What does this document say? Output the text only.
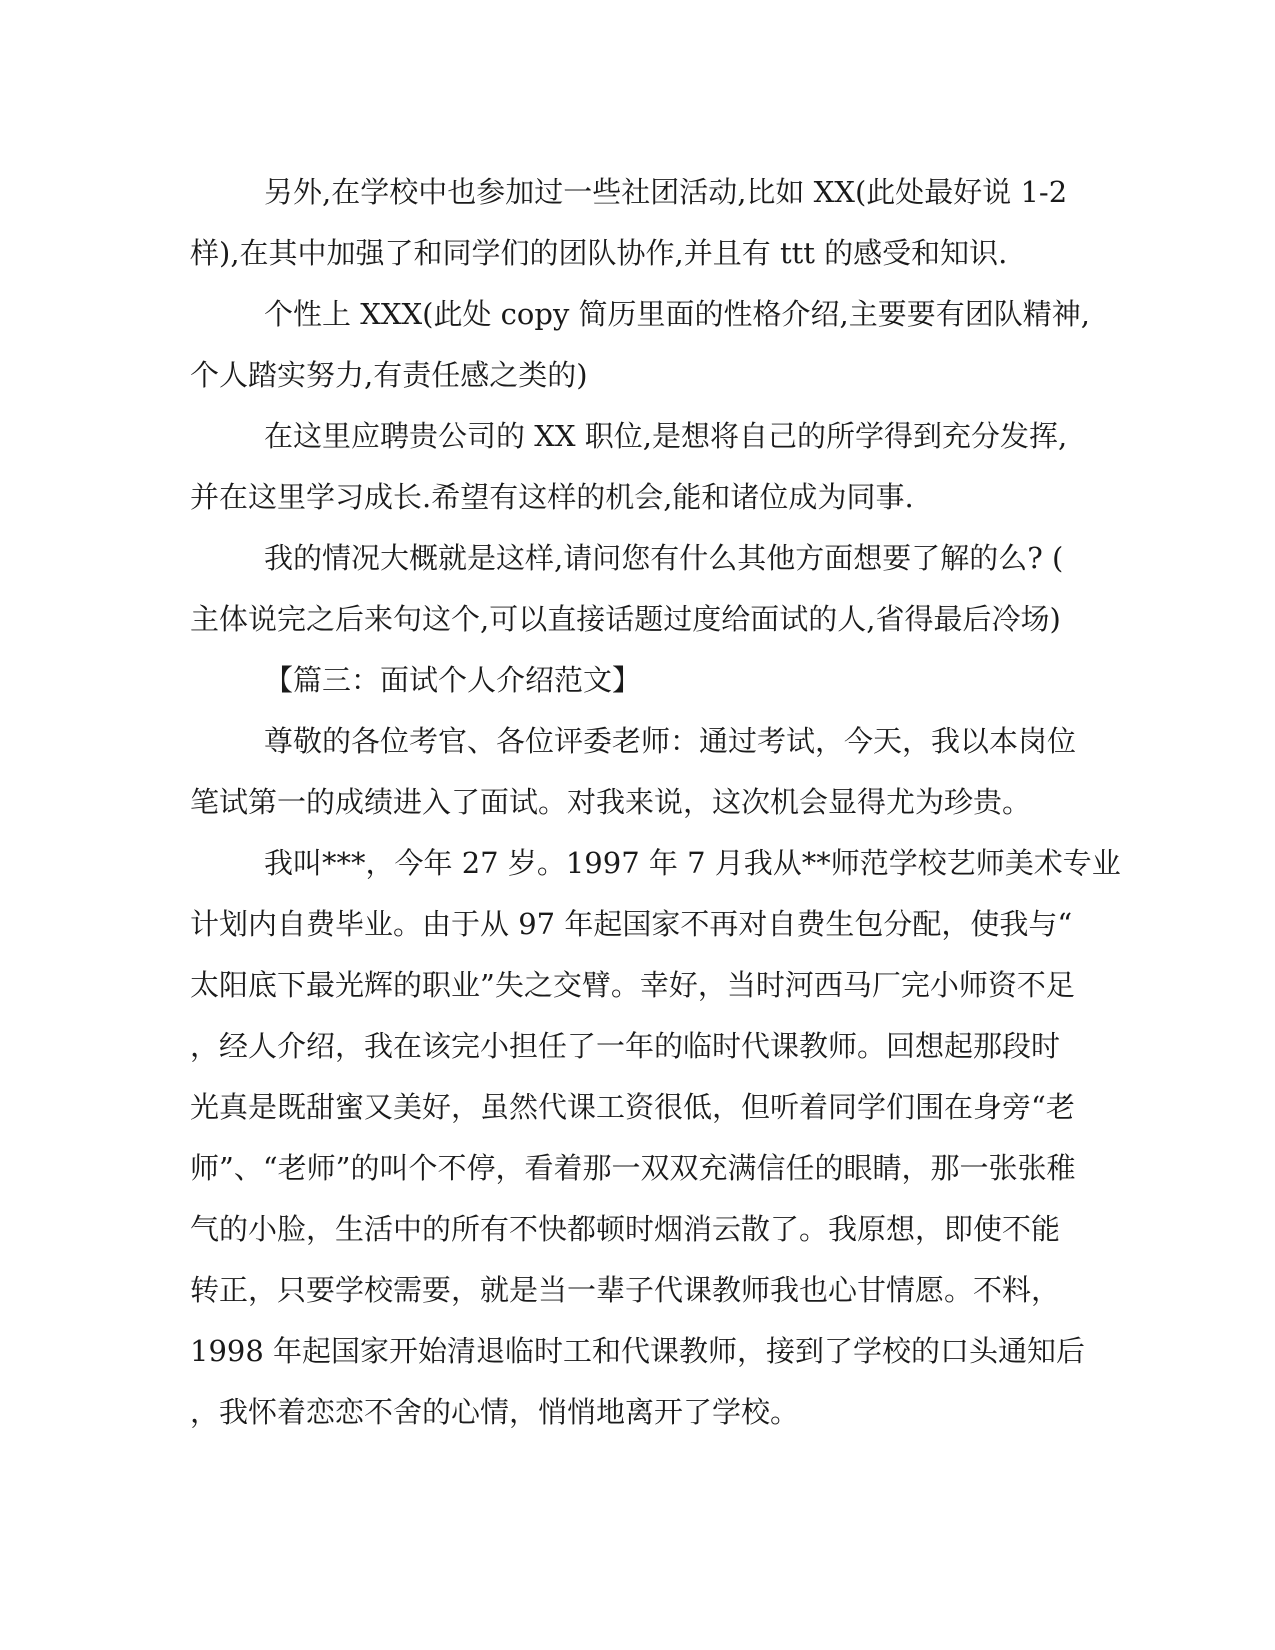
另外,在学校中也参加过一些社团活动,比如 XX(此处最好说 1-2
样),在其中加强了和同学们的团队协作,并且有 ttt 的感受和知识.
个性上 XXX(此处 copy 简历里面的性格介绍,主要要有团队精神,
个人踏实努力,有责任感之类的)
在这里应聘贵公司的 XX 职位,是想将自己的所学得到充分发挥,
并在这里学习成长.希望有这样的机会,能和诸位成为同事.
我的情况大概就是这样,请问您有什么其他方面想要了解的么? (
主体说完之后来句这个,可以直接话题过度给面试的人,省得最后冷场)
【篇三：面试个人介绍范文】
尊敬的各位考官、各位评委老师：通过考试，今天，我以本岗位
笔试第一的成绩进入了面试。对我来说，这次机会显得尤为珍贵。
我叫***，今年 27 岁。1997 年 7 月我从**师范学校艺师美术专业
计划内自费毕业。由于从 97 年起国家不再对自费生包分配，使我与“
太阳底下最光辉的职业”失之交臂。幸好，当时河西马厂完小师资不足
，经人介绍，我在该完小担任了一年的临时代课教师。回想起那段时
光真是既甜蜜又美好，虽然代课工资很低，但听着同学们围在身旁“老
师”、“老师”的叫个不停，看着那一双双充满信任的眼睛，那一张张稚
气的小脸，生活中的所有不快都顿时烟消云散了。我原想，即使不能
转正，只要学校需要，就是当一辈子代课教师我也心甘情愿。不料，
1998 年起国家开始清退临时工和代课教师，接到了学校的口头通知后
，我怀着恋恋不舍的心情，悄悄地离开了学校。
